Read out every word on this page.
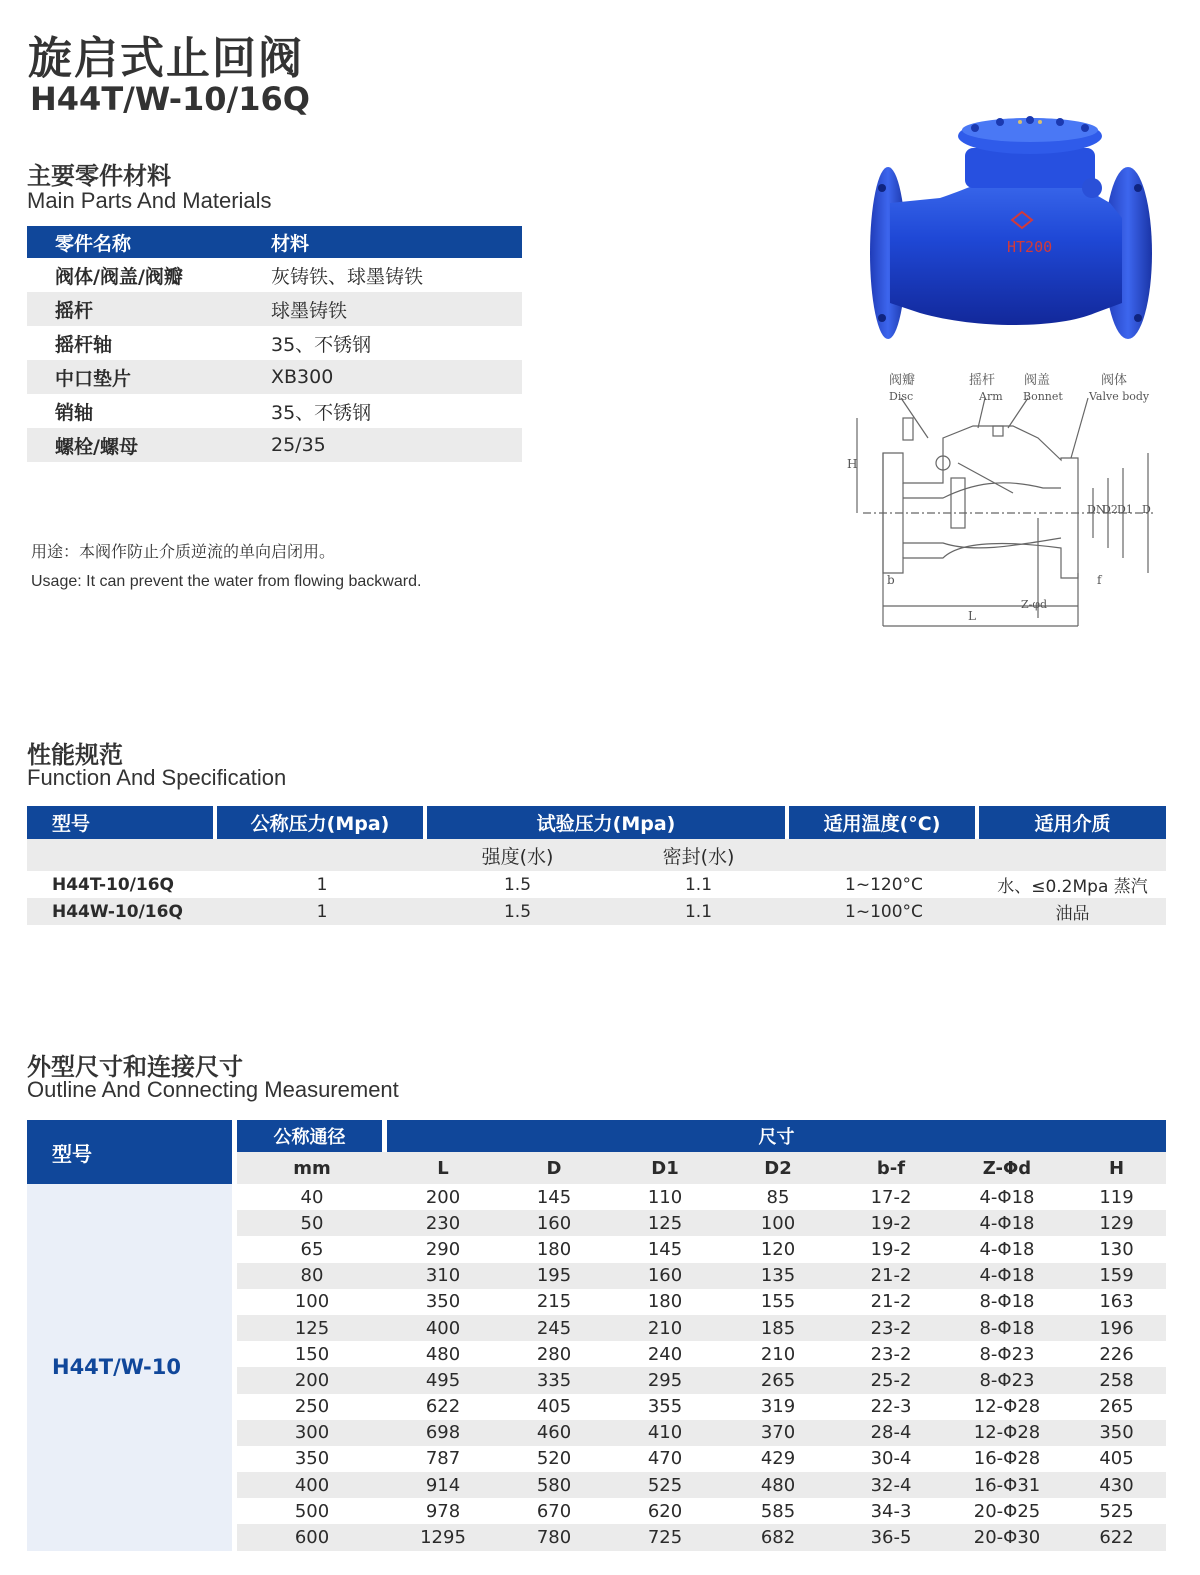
旋启式止回阀
H44T/W-10/16Q
主要零件材料
Main Parts And Materials
零件名称	材料
阀体/阀盖/阀瓣	灰铸铁、球墨铸铁
摇杆	球墨铸铁
摇杆轴	35、不锈钢
中口垫片	XB300
销轴	35、不锈钢
螺栓/螺母	25/35
用途：本阀作防止介质逆流的单向启闭用。
Usage: It can prevent the water from flowing backward.
HT200
阀瓣
Disc
摇杆
Arm
阀盖
Bonnet
阀体
Valve body
H
DN
D2 D1 D
b	f
Z-φd
L
性能规范
Function And Specification
型号	公称压力(Mpa)	试验压力(Mpa)		适用温度(°C)	适用介质
		强度(水)	密封(水)		
H44T-10/16Q	1	1.5	1.1	1~120°C	水、≤0.2Mpa 蒸汽
H44W-10/16Q	1	1.5	1.1	1~100°C	油品
外型尺寸和连接尺寸
Outline And Connecting Measurement
型号	公称通径	尺寸						
	mm	L	D	D1	D2	b-f	Z-Φd	H
H44T/W-10	40	200	145	110	85	17-2	4-Φ18	119
	50	230	160	125	100	19-2	4-Φ18	129
	65	290	180	145	120	19-2	4-Φ18	130
	80	310	195	160	135	21-2	4-Φ18	159
	100	350	215	180	155	21-2	8-Φ18	163
	125	400	245	210	185	23-2	8-Φ18	196
	150	480	280	240	210	23-2	8-Φ23	226
	200	495	335	295	265	25-2	8-Φ23	258
	250	622	405	355	319	22-3	12-Φ28	265
	300	698	460	410	370	28-4	12-Φ28	350
	350	787	520	470	429	30-4	16-Φ28	405
	400	914	580	525	480	32-4	16-Φ31	430
	500	978	670	620	585	34-3	20-Φ25	525
	600	1295	780	725	682	36-5	20-Φ30	622
